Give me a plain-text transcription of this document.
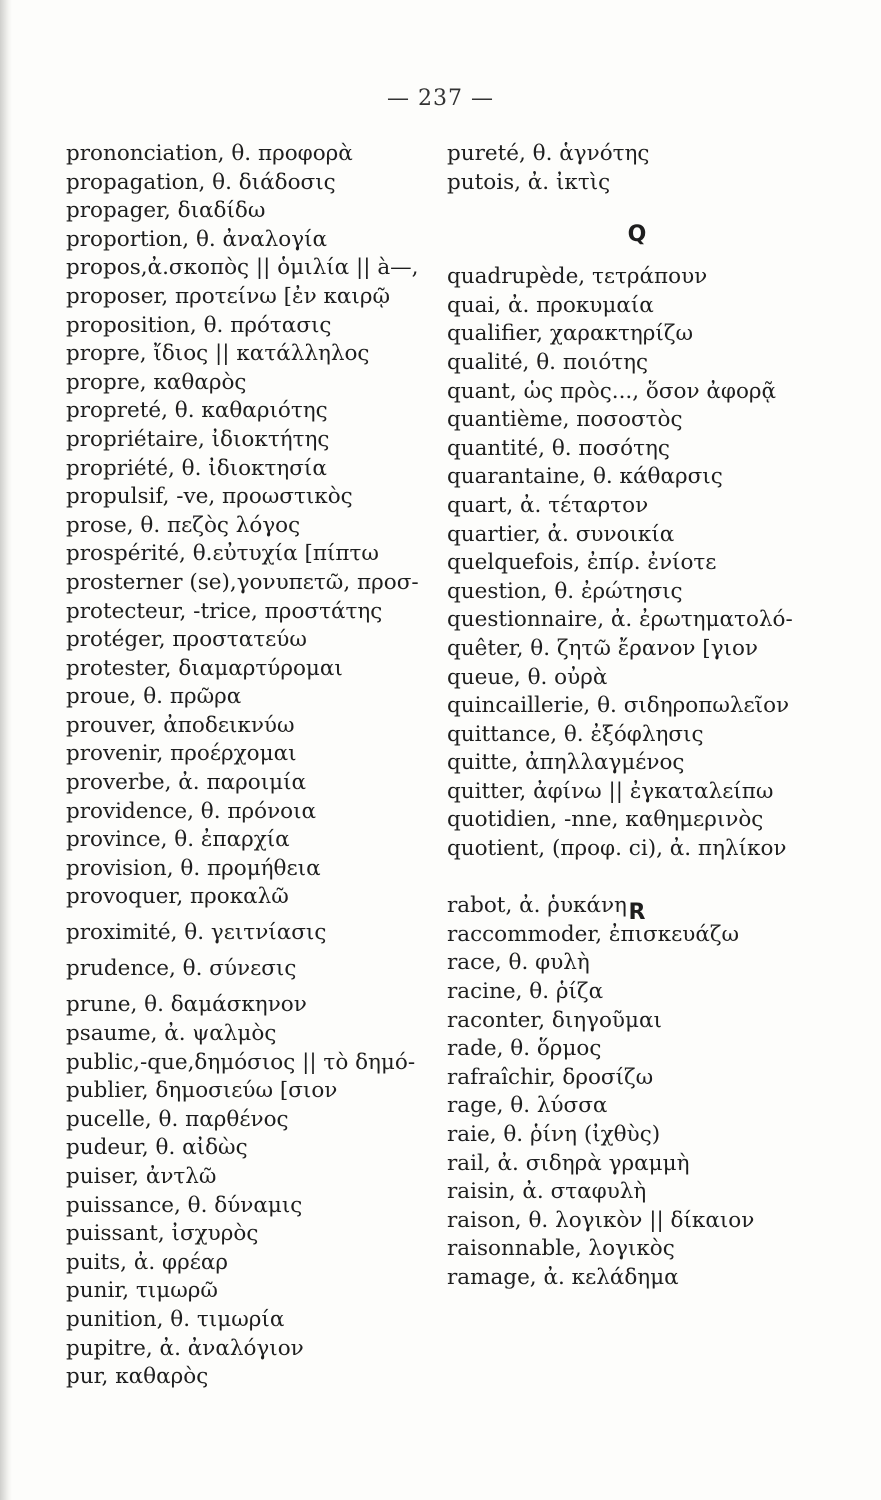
— 237 —
prononciation, θ. προφορὰ
propagation, θ. διάδοσις
propager, διαδίδω
proportion, θ. ἀναλογία
propos,ἀ.σκοπὸς || ὁμιλία || à—,
proposer, προτείνω [ἐν καιρῷ
proposition, θ. πρότασις
propre, ἴδιος || κατάλληλος
propre, καθαρὸς
propreté, θ. καθαριότης
propriétaire, ἰδιοκτήτης
propriété, θ. ἰδιοκτησία
propulsif, -ve, προωστικὸς
prose, θ. πεζὸς λόγος
prospérité, θ.εὐτυχία [πίπτω
prosterner (se),γονυπετῶ, προσ-
protecteur, -trice, προστάτης
protéger, προστατεύω
protester, διαμαρτύρομαι
proue, θ. πρῶρα
prouver, ἀποδεικνύω
provenir, προέρχομαι
proverbe, ἀ. παροιμία
providence, θ. πρόνοια
province, θ. ἐπαρχία
provision, θ. προμήθεια
provoquer, προκαλῶ
proximité, θ. γειτνίασις
prudence, θ. σύνεσις
prune, θ. δαμάσκηνον
psaume, ἀ. ψαλμὸς
public,-que,δημόσιος || τὸ δημό-
publier, δημοσιεύω [σιον
pucelle, θ. παρθένος
pudeur, θ. αἰδὼς
puiser, ἀντλῶ
puissance, θ. δύναμις
puissant, ἰσχυρὸς
puits, ἀ. φρέαρ
punir, τιμωρῶ
punition, θ. τιμωρία
pupitre, ἀ. ἀναλόγιον
pur, καθαρὸς
pureté, θ. ἁγνότης
putois, ἀ. ἰκτὶς
Q
quadrupède, τετράπουν
quai, ἀ. προκυμαία
qualifier, χαρακτηρίζω
qualité, θ. ποιότης
quant, ὡς πρὸς..., ὅσον ἀφορᾷ
quantième, ποσοστὸς
quantité, θ. ποσότης
quarantaine, θ. κάθαρσις
quart, ἀ. τέταρτον
quartier, ἀ. συνοικία
quelquefois, ἐπίρ. ἐνίοτε
question, θ. ἐρώτησις
questionnaire, ἀ. ἐρωτηματολό-
quêter, θ. ζητῶ ἔρανον [γιον
queue, θ. οὐρὰ
quincaillerie, θ. σιδηροπωλεῖον
quittance, θ. ἐξόφλησις
quitte, ἀπηλλαγμένος
quitter, ἀφίνω || ἐγκαταλείπω
quotidien, -nne, καθημερινὸς
quotient, (προφ. ci), ἀ. πηλίκον
R
rabot, ἀ. ῥυκάνη
raccommoder, ἐπισκευάζω
race, θ. φυλὴ
racine, θ. ῥίζα
raconter, διηγοῦμαι
rade, θ. ὅρμος
rafraîchir, δροσίζω
rage, θ. λύσσα
raie, θ. ῥίνη (ἰχθὺς)
rail, ἀ. σιδηρὰ γραμμὴ
raisin, ἀ. σταφυλὴ
raison, θ. λογικὸν || δίκαιον
raisonnable, λογικὸς
ramage, ἀ. κελάδημα
